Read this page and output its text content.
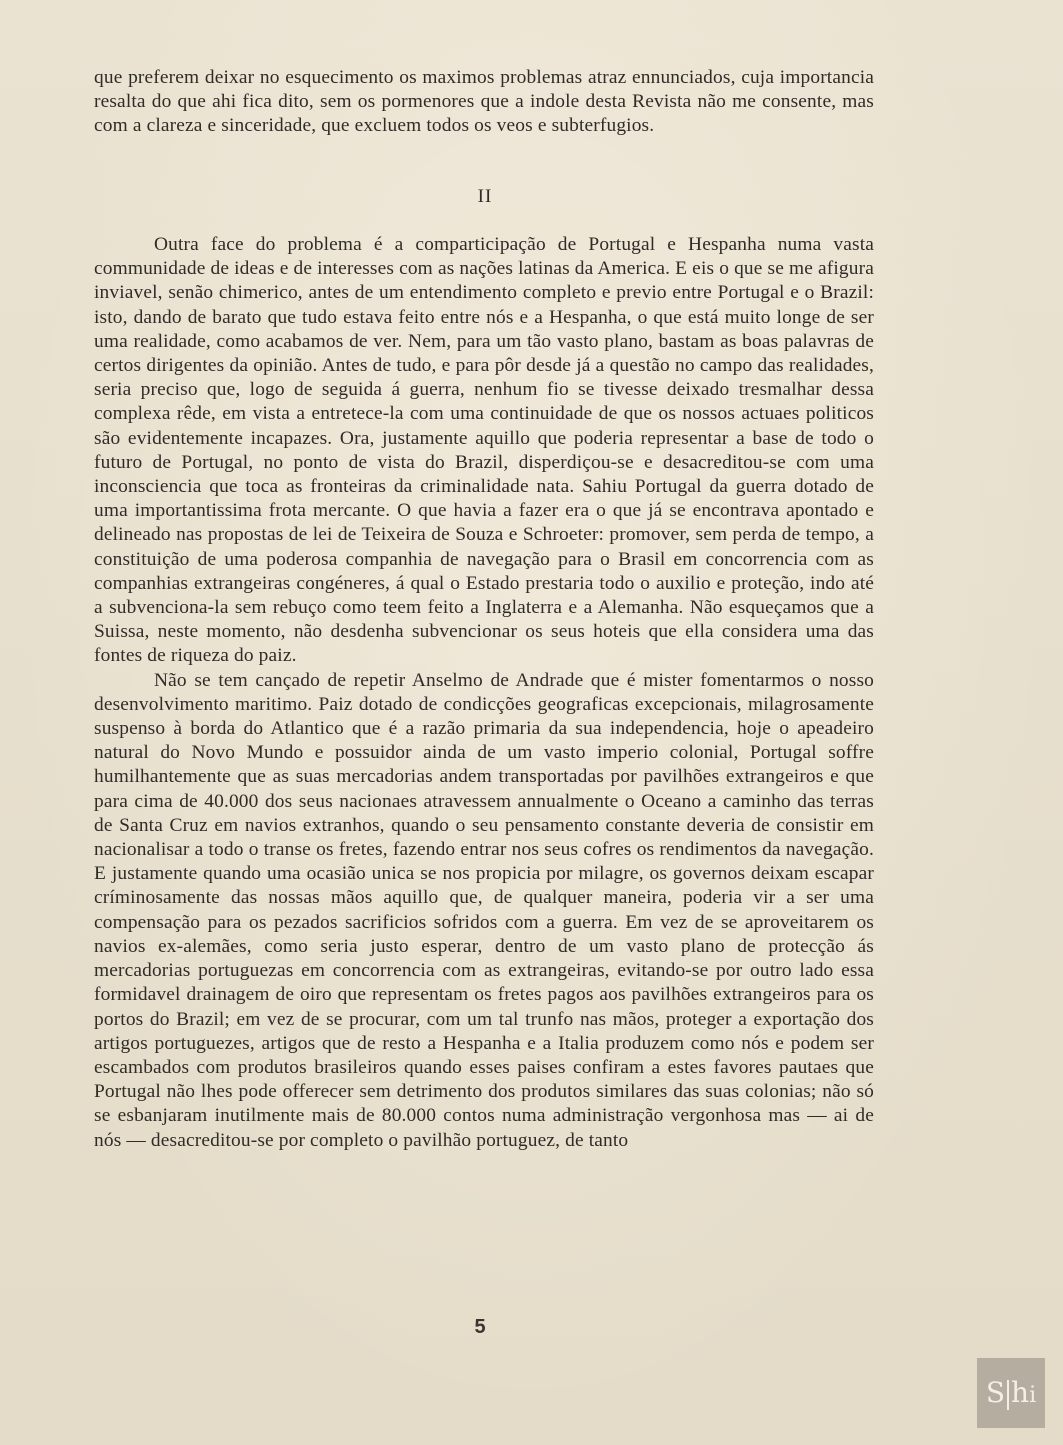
que preferem deixar no esquecimento os maximos problemas atraz ennunciados, cuja importancia resalta do que ahi fica dito, sem os pormenores que a indole desta Revista não me consente, mas com a clareza e sinceridade, que excluem todos os veos e subterfugios.

II

Outra face do problema é a comparticipação de Portugal e Hespanha numa vasta communidade de ideas e de interesses com as nações latinas da America. E eis o que se me afigura inviavel, senão chimerico, antes de um entendimento completo e previo entre Portugal e o Brazil: isto, dando de barato que tudo estava feito entre nós e a Hespanha, o que está muito longe de ser uma realidade, como acabamos de ver. Nem, para um tão vasto plano, bastam as boas palavras de certos dirigentes da opinião. Antes de tudo, e para pôr desde já a questão no campo das realidades, seria preciso que, logo de seguida á guerra, nenhum fio se tivesse deixado tresmalhar dessa complexa rêde, em vista a entretece-la com uma continuidade de que os nossos actuaes politicos são evidentemente incapazes. Ora, justamente aquillo que poderia representar a base de todo o futuro de Portugal, no ponto de vista do Brazil, disperdiçou-se e desacreditou-se com uma inconsciencia que toca as fronteiras da criminalidade nata. Sahiu Portugal da guerra dotado de uma importantissima frota mercante. O que havia a fazer era o que já se encontrava apontado e delineado nas propostas de lei de Teixeira de Souza e Schroeter: promover, sem perda de tempo, a constituição de uma poderosa companhia de navegação para o Brasil em concorrencia com as companhias extrangeiras congéneres, á qual o Estado prestaria todo o auxilio e proteção, indo até a subvenciona-la sem rebuço como teem feito a Inglaterra e a Alemanha. Não esqueçamos que a Suissa, neste momento, não desdenha subvencionar os seus hoteis que ella considera uma das fontes de riqueza do paiz.

Não se tem cançado de repetir Anselmo de Andrade que é mister fomentarmos o nosso desenvolvimento maritimo. Paiz dotado de condicções geograficas excepcionais, milagrosamente suspenso à borda do Atlantico que é a razão primaria da sua independencia, hoje o apeadeiro natural do Novo Mundo e possuidor ainda de um vasto imperio colonial, Portugal soffre humilhantemente que as suas mercadorias andem transportadas por pavilhões extrangeiros e que para cima de 40.000 dos seus nacionaes atravessem annualmente o Oceano a caminho das terras de Santa Cruz em navios extranhos, quando o seu pensamento constante deveria de consistir em nacionalisar a todo o transe os fretes, fazendo entrar nos seus cofres os rendimentos da navegação. E justamente quando uma ocasião unica se nos propicia por milagre, os governos deixam escapar críminosamente das nossas mãos aquillo que, de qualquer maneira, poderia vir a ser uma compensação para os pezados sacrificios sofridos com a guerra. Em vez de se aproveitarem os navios ex-alemães, como seria justo esperar, dentro de um vasto plano de protecção ás mercadorias portuguezas em concorrencia com as extrangeiras, evitando-se por outro lado essa formidavel drainagem de oiro que representam os fretes pagos aos pavilhões extrangeiros para os portos do Brazil; em vez de se procurar, com um tal trunfo nas mãos, proteger a exportação dos artigos portuguezes, artigos que de resto a Hespanha e a Italia produzem como nós e podem ser escambados com produtos brasileiros quando esses paises confiram a estes favores pautaes que Portugal não lhes pode offerecer sem detrimento dos produtos similares das suas colonias; não só se esbanjaram inutilmente mais de 80.000 contos numa administração vergonhosa mas — ai de nós — desacreditou-se por completo o pavilhão portuguez, de tanto

5
S hi
